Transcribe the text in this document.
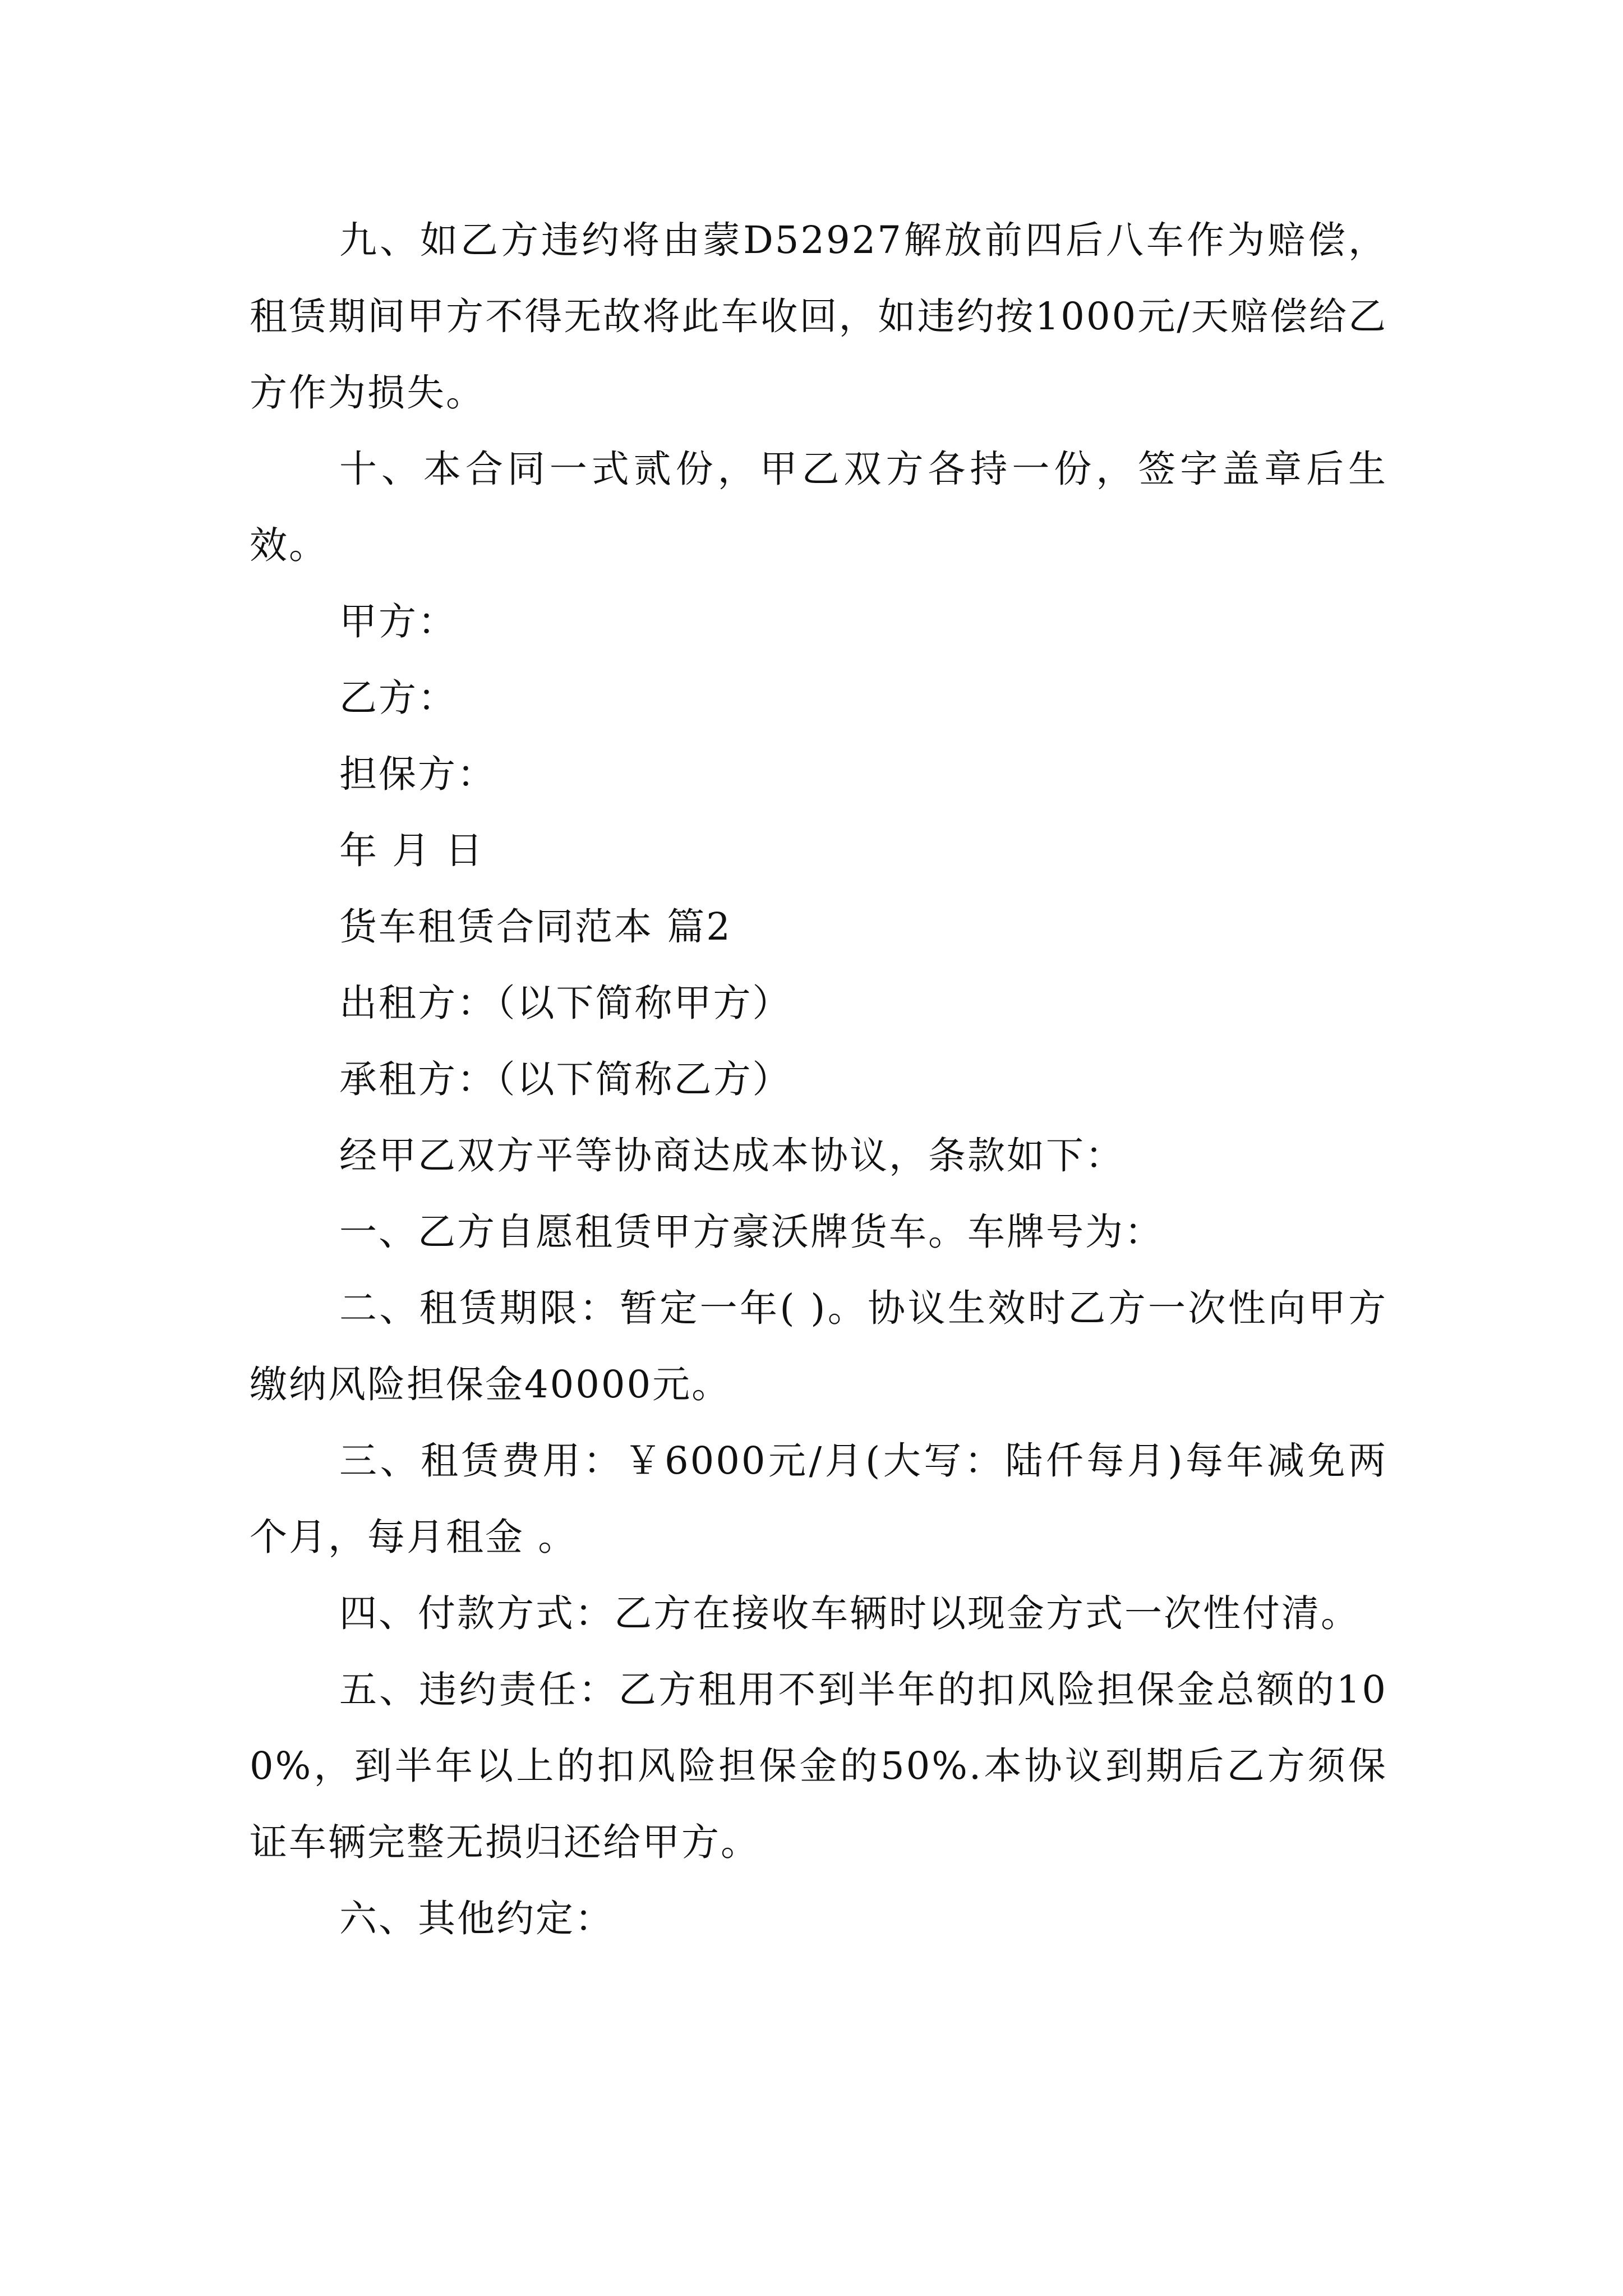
九、如乙方违约将由蒙D52927解放前四后八车作为赔偿，租赁期间甲方不得无故将此车收回，如违约按1000元/天赔偿给乙方作为损失。

十、本合同一式贰份，甲乙双方各持一份，签字盖章后生效。

甲方：

乙方：

担保方：

年 月 日

货车租赁合同范本 篇2

出租方：（以下简称甲方）

承租方：（以下简称乙方）

经甲乙双方平等协商达成本协议，条款如下：

一、乙方自愿租赁甲方豪沃牌货车。车牌号为：

二、租赁期限：暂定一年( )。协议生效时乙方一次性向甲方缴纳风险担保金40000元。

三、租赁费用：￥6000元/月(大写：陆仟每月)每年减免两个月，每月租金 。

四、付款方式：乙方在接收车辆时以现金方式一次性付清。

五、违约责任：乙方租用不到半年的扣风险担保金总额的100%，到半年以上的扣风险担保金的50%.本协议到期后乙方须保证车辆完整无损归还给甲方。

六、其他约定：
